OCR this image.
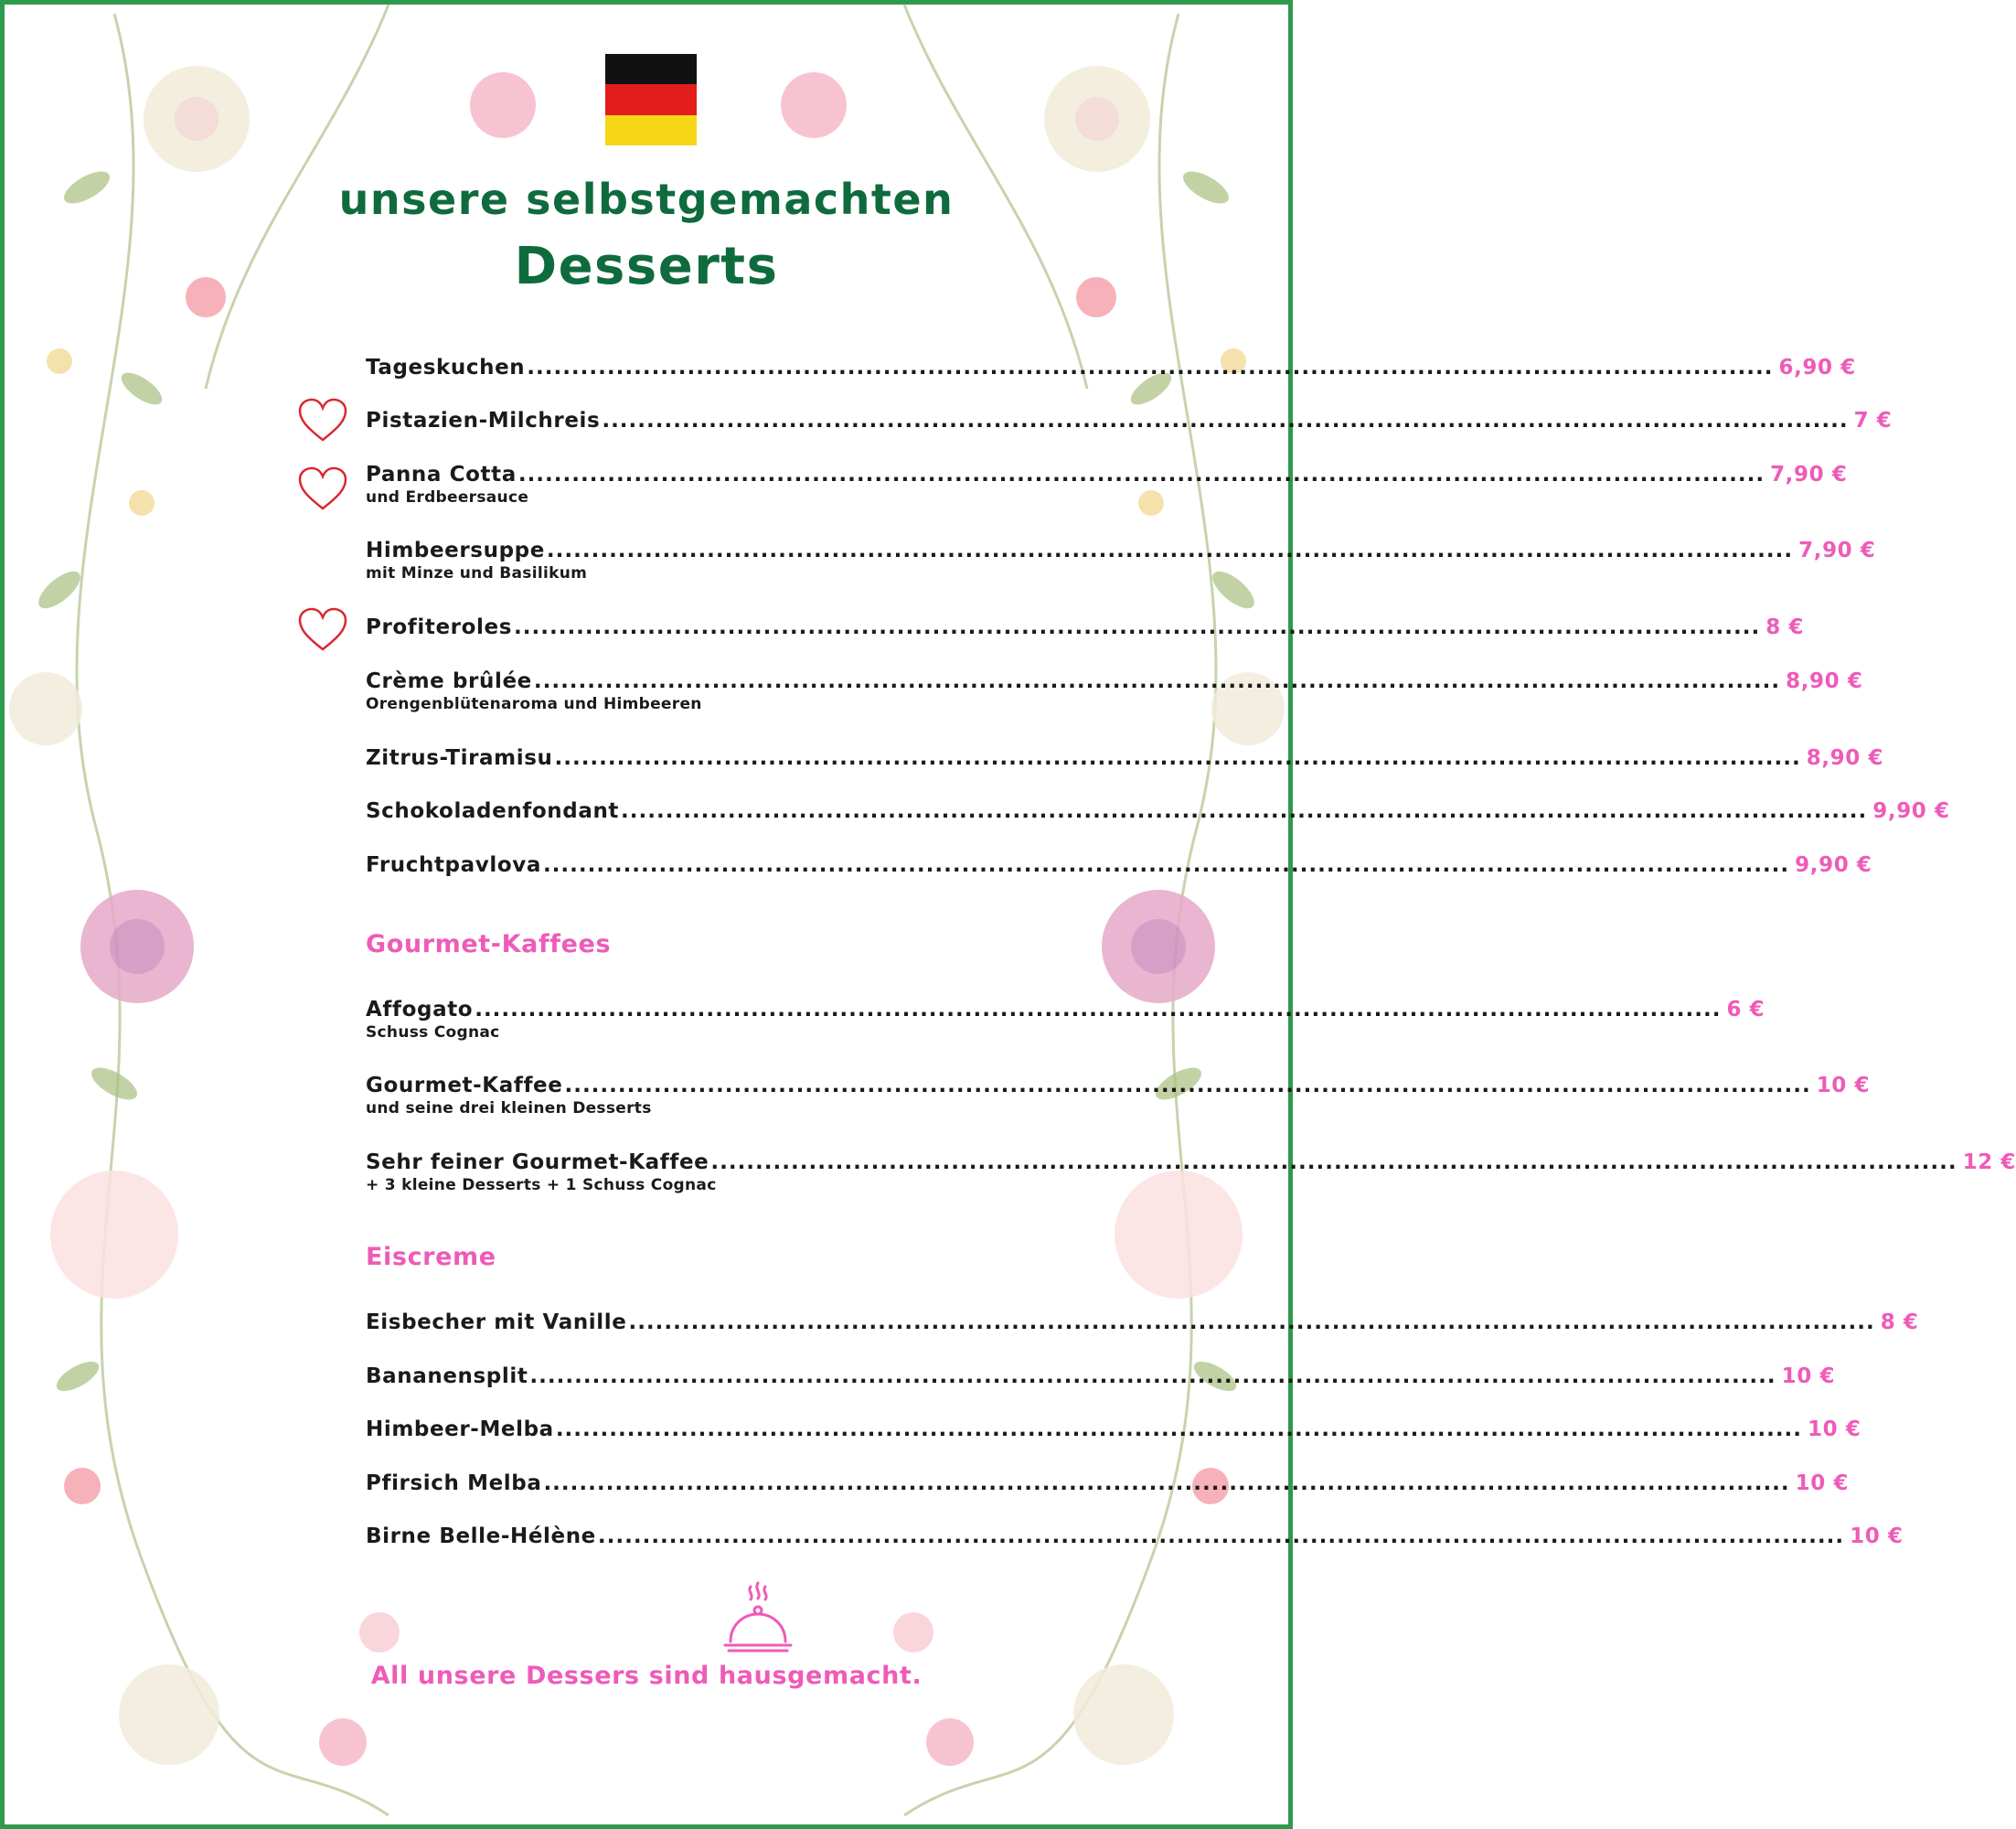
unsere selbstgemachten
Desserts
Tageskuchen ............................................................................................................................................ 6,90 €
Pistazien-Milchreis ............................................................................................................................................ 7 €
Panna Cotta ............................................................................................................................................ 7,90 €
und Erdbeersauce
Himbeersuppe ............................................................................................................................................ 7,90 €
mit Minze und Basilikum
Profiteroles ............................................................................................................................................ 8 €
Crème brûlée ............................................................................................................................................ 8,90 €
Orengenblütenaroma und Himbeeren
Zitrus-Tiramisu ............................................................................................................................................ 8,90 €
Schokoladenfondant ............................................................................................................................................ 9,90 €
Fruchtpavlova ............................................................................................................................................ 9,90 €
Affogato ............................................................................................................................................ 6 €
Schuss Cognac
Gourmet-Kaffee ............................................................................................................................................ 10 €
und seine drei kleinen Desserts
Sehr feiner Gourmet-Kaffee ............................................................................................................................................ 12 €
+ 3 kleine Desserts + 1 Schuss Cognac
Eisbecher mit Vanille ............................................................................................................................................ 8 €
Bananensplit ............................................................................................................................................ 10 €
Himbeer-Melba ............................................................................................................................................ 10 €
Pfirsich Melba ............................................................................................................................................ 10 €
Birne Belle-Hélène ............................................................................................................................................ 10 €
Gourmet-Kaffees
Eiscreme
All unsere Dessers sind hausgemacht.
